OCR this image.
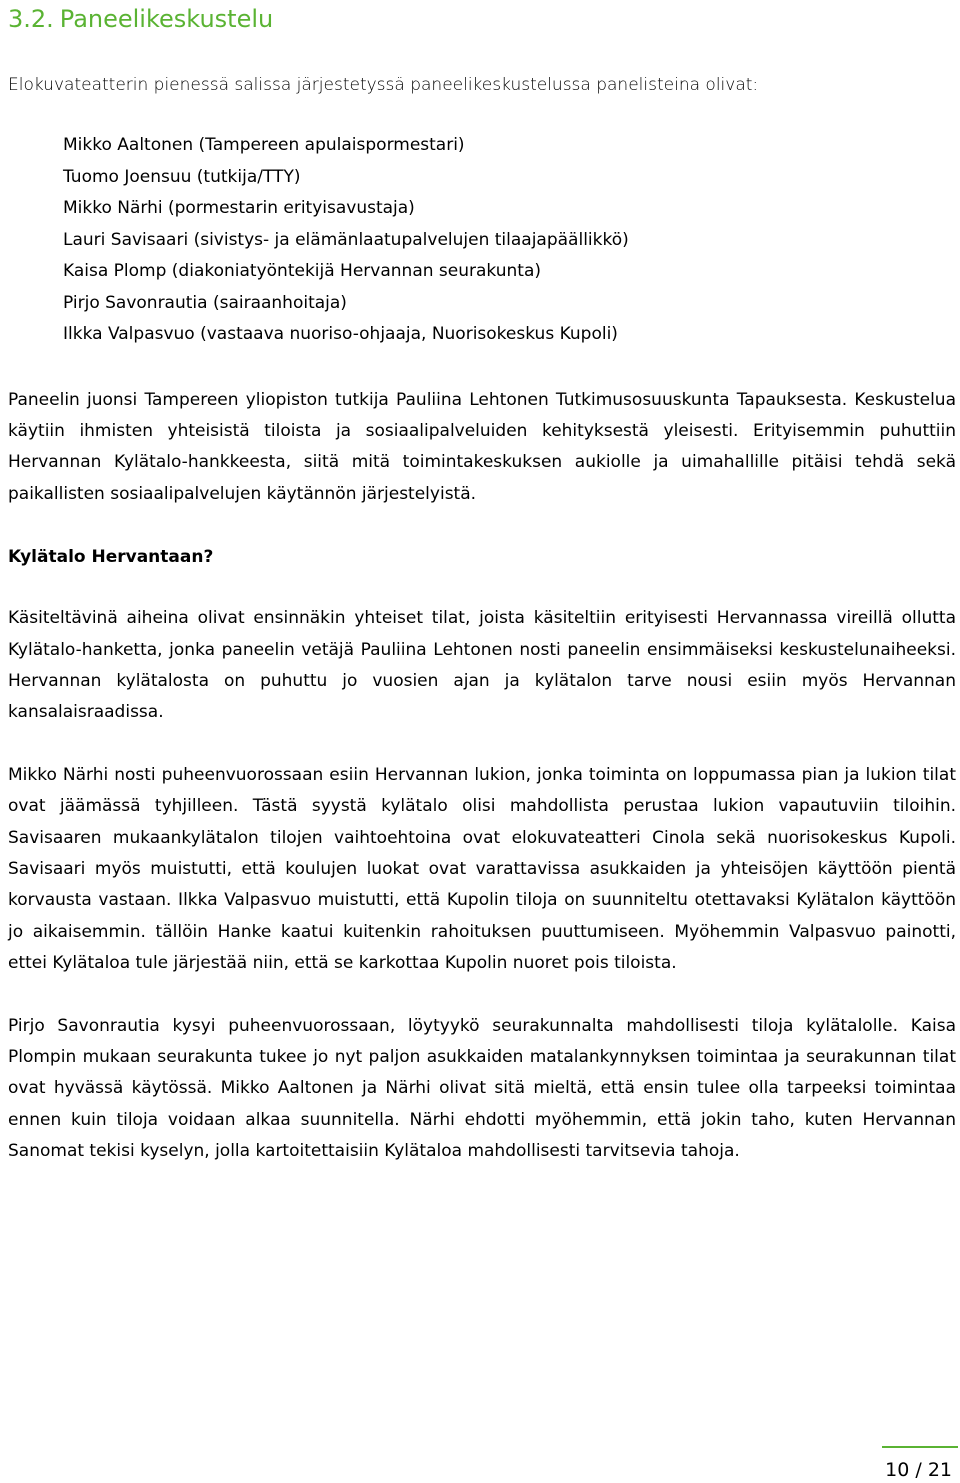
3.2. Paneelikeskustelu

Elokuvateatterin pienessä salissa järjestetyssä paneelikeskustelussa panelisteina olivat:

Mikko Aaltonen (Tampereen apulaispormestari)
Tuomo Joensuu (tutkija/TTY)
Mikko Närhi (pormestarin erityisavustaja)
Lauri Savisaari (sivistys- ja elämänlaatupalvelujen tilaajapäällikkö)
Kaisa Plomp (diakoniatyöntekijä Hervannan seurakunta)
Pirjo Savonrautia (sairaanhoitaja)
Ilkka Valpasvuo (vastaava nuoriso-ohjaaja, Nuorisokeskus Kupoli)

Paneelin juonsi Tampereen yliopiston tutkija Pauliina Lehtonen Tutkimusosuuskunta Tapauksesta. Keskustelua käytiin ihmisten yhteisistä tiloista ja sosiaalipalveluiden kehityksestä yleisesti. Erityisemmin puhuttiin Hervannan Kylätalo-hankkeesta, siitä mitä toimintakeskuksen aukiolle ja uimahallille pitäisi tehdä sekä paikallisten sosiaalipalvelujen käytännön järjestelyistä.

Kylätalo Hervantaan?

Käsiteltävinä aiheina olivat ensinnäkin yhteiset tilat, joista käsiteltiin erityisesti Hervannassa vireillä ollutta Kylätalo-hanketta, jonka paneelin vetäjä Pauliina Lehtonen nosti paneelin ensimmäiseksi keskustelunaiheeksi. Hervannan kylätalosta on puhuttu jo vuosien ajan ja kylätalon tarve nousi esiin myös Hervannan kansalaisraadissa.

Mikko Närhi nosti puheenvuorossaan esiin Hervannan lukion, jonka toiminta on loppumassa pian ja lukion tilat ovat jäämässä tyhjilleen. Tästä syystä kylätalo olisi mahdollista perustaa lukion vapautuviin tiloihin. Savisaaren mukaankylätalon tilojen vaihtoehtoina ovat elokuvateatteri Cinola sekä nuorisokeskus Kupoli. Savisaari myös muistutti, että koulujen luokat ovat varattavissa asukkaiden ja yhteisöjen käyttöön pientä korvausta vastaan. Ilkka Valpasvuo muistutti, että Kupolin tiloja on suunniteltu otettavaksi Kylätalon käyttöön jo aikaisemmin. tällöin Hanke kaatui kuitenkin rahoituksen puuttumiseen. Myöhemmin Valpasvuo painotti, ettei Kylätaloa tule järjestää niin, että se karkottaa Kupolin nuoret pois tiloista.

Pirjo Savonrautia kysyi puheenvuorossaan, löytyykö seurakunnalta mahdollisesti tiloja kylätalolle. Kaisa Plompin mukaan seurakunta tukee jo nyt paljon asukkaiden matalankynnyksen toimintaa ja seurakunnan tilat ovat hyvässä käytössä. Mikko Aaltonen ja Närhi olivat sitä mieltä, että ensin tulee olla tarpeeksi toimintaa ennen kuin tiloja voidaan alkaa suunnitella. Närhi ehdotti myöhemmin, että jokin taho, kuten Hervannan Sanomat tekisi kyselyn, jolla kartoitettaisiin Kylätaloa mahdollisesti tarvitsevia tahoja.

10 / 21
